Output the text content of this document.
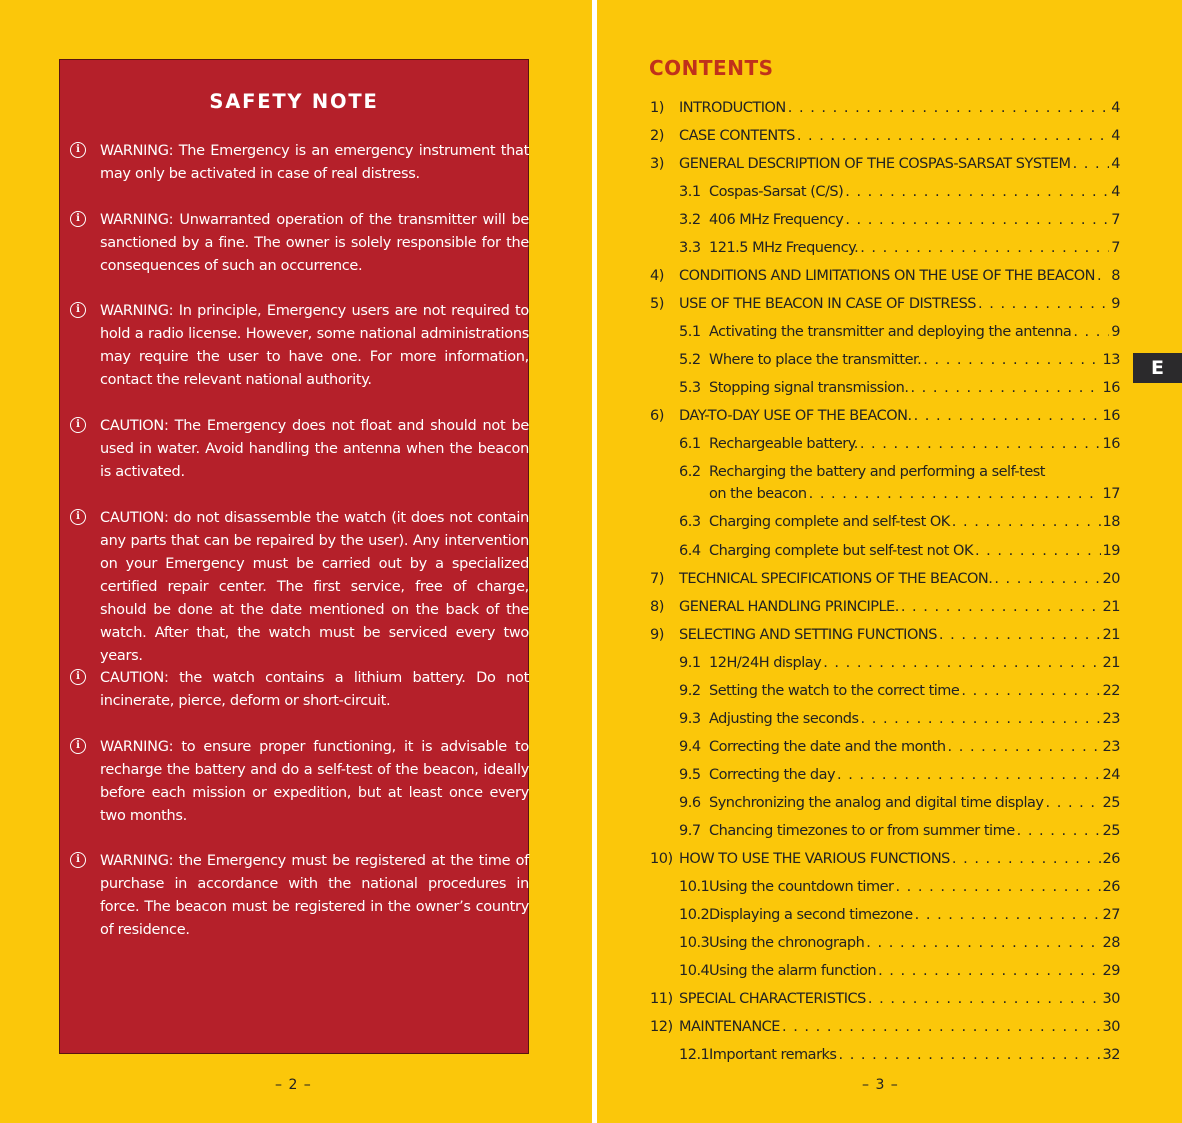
SAFETY NOTE
i	WARNING: The Emergency is an emergency instrument that may only be activated in case of real distress.
i	WARNING: Unwarranted operation of the transmitter will be sanctioned by a fine. The owner is solely responsible for the consequences of such an occurrence.
i	WARNING: In principle, Emergency users are not required to hold a radio license. However, some national administrations may require the user to have one. For more information, contact the relevant national authority.
i	CAUTION: The Emergency does not float and should not be used in water. Avoid handling the antenna when the beacon is activated.
i	CAUTION: do not disassemble the watch (it does not contain any parts that can be repaired by the user). Any intervention on your Emergency must be carried out by a specialized certified repair center. The first service, free of charge, should be done at the date mentioned on the back of the watch. After that, the watch must be serviced every two years.
i	CAUTION: the watch contains a lithium battery. Do not incinerate, pierce, deform or short-circuit.
i	WARNING: to ensure proper functioning, it is advisable to recharge the battery and do a self-test of the beacon, ideally before each mission or expedition, but at least once every two months.
i	WARNING: the Emergency must be registered at the time of purchase in accordance with the national procedures in force. The beacon must be registered in the owner’s country of residence.
– 2 –
CONTENTS
1) INTRODUCTION . . .	4
2) CASE CONTENTS . . .	4
3) GENERAL DESCRIPTION OF THE COSPAS-SARSAT SYSTEM . . .	4
3.1 Cospas-Sarsat (C/S) . . .	4
3.2 406 MHz Frequency . . .	7
3.3 121.5 MHz Frequency. . . .	7
4) CONDITIONS AND LIMITATIONS ON THE USE OF THE BEACON . . . 8
5) USE OF THE BEACON IN CASE OF DISTRESS . . .	9
5.1 Activating the transmitter and deploying the antenna . . .	9
5.2 Where to place the transmitter. . . .	13
5.3 Stopping signal transmission. . . .	16
6) DAY-TO-DAY USE OF THE BEACON. . . .	16
6.1 Rechargeable battery. . . .	16
6.2 Recharging the battery and performing a self-test
on the beacon . . .	17
6.3 Charging complete and self-test OK . . .	18
6.4 Charging complete but self-test not OK . . .	19
7) TECHNICAL SPECIFICATIONS OF THE BEACON. . . .	20
8) GENERAL HANDLING PRINCIPLE. . . .	21
9) SELECTING AND SETTING FUNCTIONS . . .	21
9.1 12H/24H display . . .	21
9.2 Setting the watch to the correct time . . .	22
9.3 Adjusting the seconds . . .	23
9.4 Correcting the date and the month . . .	23
9.5 Correcting the day . . .	24
9.6 Synchronizing the analog and digital time display . . .	25
9.7 Chancing timezones to or from summer time . . .	25
10) HOW TO USE THE VARIOUS FUNCTIONS . . .	26
10.1Using the countdown timer . . .	26
10.2Displaying a second timezone . . .	27
10.3Using the chronograph . . .	28
10.4Using the alarm function . . .	29
11) SPECIAL CHARACTERISTICS . . .	30
12) MAINTENANCE . . .	30
12.1Important remarks . . .	32
– 3 –
E
